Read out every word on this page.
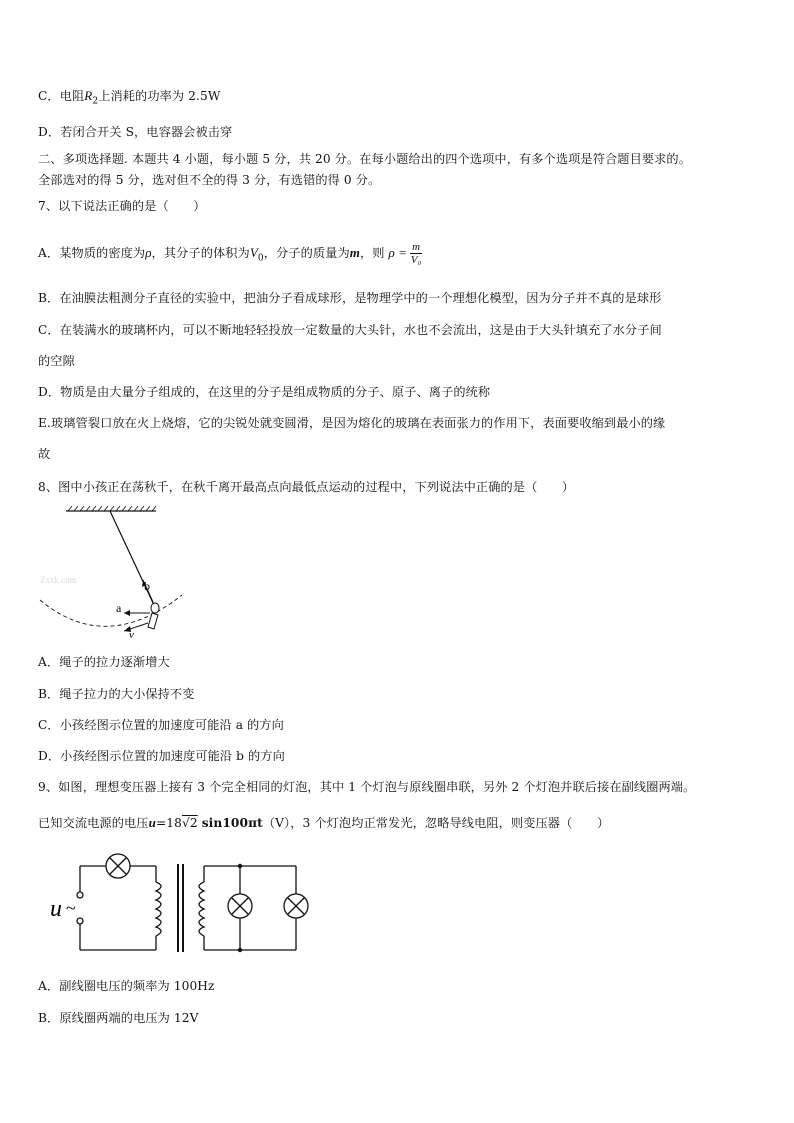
C．电阻$R_2$上消耗的功率为 2.5W
D．若闭合开关 S，电容器会被击穿
二、多项选择题. 本题共 4 小题，每小题 5 分，共 20 分。在每小题给出的四个选项中，有多个选项是符合题目要求的。
全部选对的得 5 分，选对但不全的得 3 分，有选错的得 0 分。
7、以下说法正确的是（　　）
A．某物质的密度为ρ，其分子的体积为$V_0$，分子的质量为m，则 $\rho = \frac{m}{\text{V₀}}$
B．在油膜法粗测分子直径的实验中，把油分子看成球形，是物理学中的一个理想化模型，因为分子并不真的是球形
C．在装满水的玻璃杯内，可以不断地轻轻投放一定数量的大头针，水也不会流出，这是由于大头针填充了水分子间
的空隙
D．物质是由大量分子组成的，在这里的分子是组成物质的分子、原子、离子的统称
E.玻璃管裂口放在火上烧熔，它的尖锐处就变圆滑，是因为熔化的玻璃在表面张力的作用下，表面要收缩到最小的缘
故
8、图中小孩正在荡秋千，在秋千离开最高点向最低点运动的过程中，下列说法中正确的是（　　）
Zxxk.com	b
a
v
A．绳子的拉力逐渐增大
B．绳子拉力的大小保持不变
C．小孩经图示位置的加速度可能沿 a 的方向
D．小孩经图示位置的加速度可能沿 b 的方向
9、如图，理想变压器上接有 3 个完全相同的灯泡，其中 1 个灯泡与原线圈串联，另外 2 个灯泡并联后接在副线圈两端。
已知交流电源的电压u=18√2 sin100πt（V），3 个灯泡均正常发光，忽略导线电阻，则变压器（　　）
u ~
A．副线圈电压的频率为 100Hz
B．原线圈两端的电压为 12V
